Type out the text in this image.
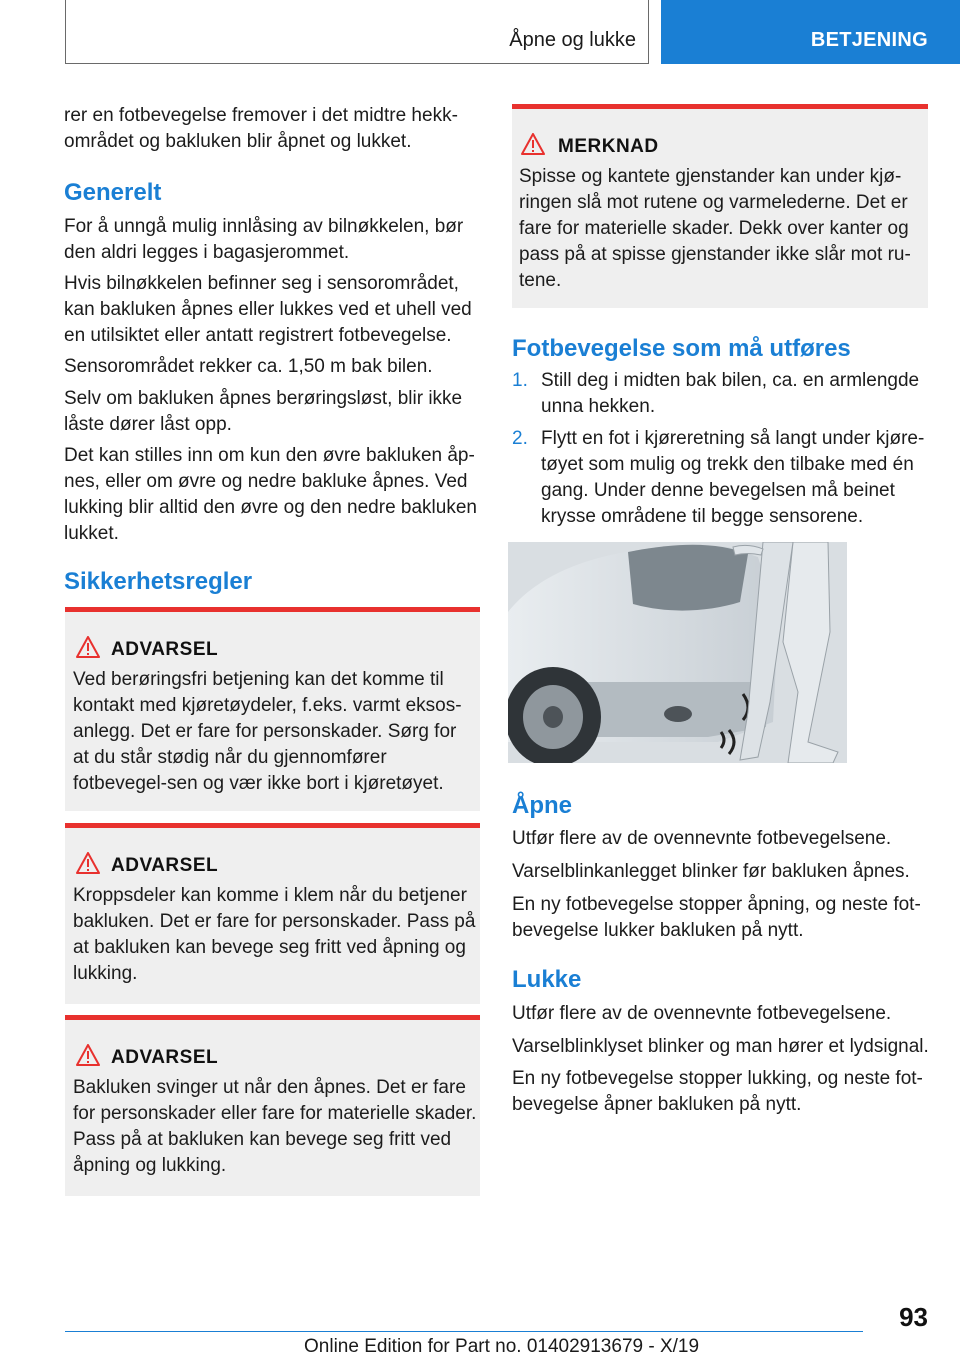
Åpne og lukke	BETJENING

rer en fotbevegelse fremover i det midtre hekk-området og bakluken blir åpnet og lukket.

Generelt

For å unngå mulig innlåsing av bilnøkkelen, bør den aldri legges i bagasjerommet.

Hvis bilnøkkelen befinner seg i sensorområdet, kan bakluken åpnes eller lukkes ved et uhell ved en utilsiktet eller antatt registrert fotbevegelse.

Sensorområdet rekker ca. 1,50 m bak bilen.

Selv om bakluken åpnes berøringsløst, blir ikke låste dører låst opp.

Det kan stilles inn om kun den øvre bakluken åp-nes, eller om øvre og nedre bakluke åpnes. Ved lukking blir alltid den øvre og den nedre bakluken lukket.

Sikkerhetsregler
ADVARSEL

Ved berøringsfri betjening kan det komme til kontakt med kjøretøydeler, f.eks. varmt eksos-anlegg. Det er fare for personskader. Sørg for at du står stødig når du gjennomfører fotbevegel-sen og vær ikke bort i kjøretøyet.

ADVARSEL

Kroppsdeler kan komme i klem når du betjener bakluken. Det er fare for personskader. Pass på at bakluken kan bevege seg fritt ved åpning og lukking.

ADVARSEL

Bakluken svinger ut når den åpnes. Det er fare for personskader eller fare for materielle skader. Pass på at bakluken kan bevege seg fritt ved åpning og lukking.

MERKNAD

Spisse og kantete gjenstander kan under kjø-ringen slå mot rutene og varmelederne. Det er fare for materielle skader. Dekk over kanter og pass på at spisse gjenstander ikke slår mot ru-tene.

Fotbevegelse som må utføres
1. Still deg i midten bak bilen, ca. en armlengde unna hekken.

2. Flytt en fot i kjøreretning så langt under kjøre-tøyet som mulig og trekk den tilbake med én gang. Under denne bevegelsen må beinet krysse områdene til begge sensorene.

Åpne

Utfør flere av de ovennevnte fotbevegelsene.

Varselblinkanlegget blinker før bakluken åpnes.

En ny fotbevegelse stopper åpning, og neste fot-bevegelse lukker bakluken på nytt.

Lukke

Utfør flere av de ovennevnte fotbevegelsene.

Varselblinklyset blinker og man hører et lydsignal.

En ny fotbevegelse stopper lukking, og neste fot-bevegelse åpner bakluken på nytt.

93
Online Edition for Part no. 01402913679 - X/19
